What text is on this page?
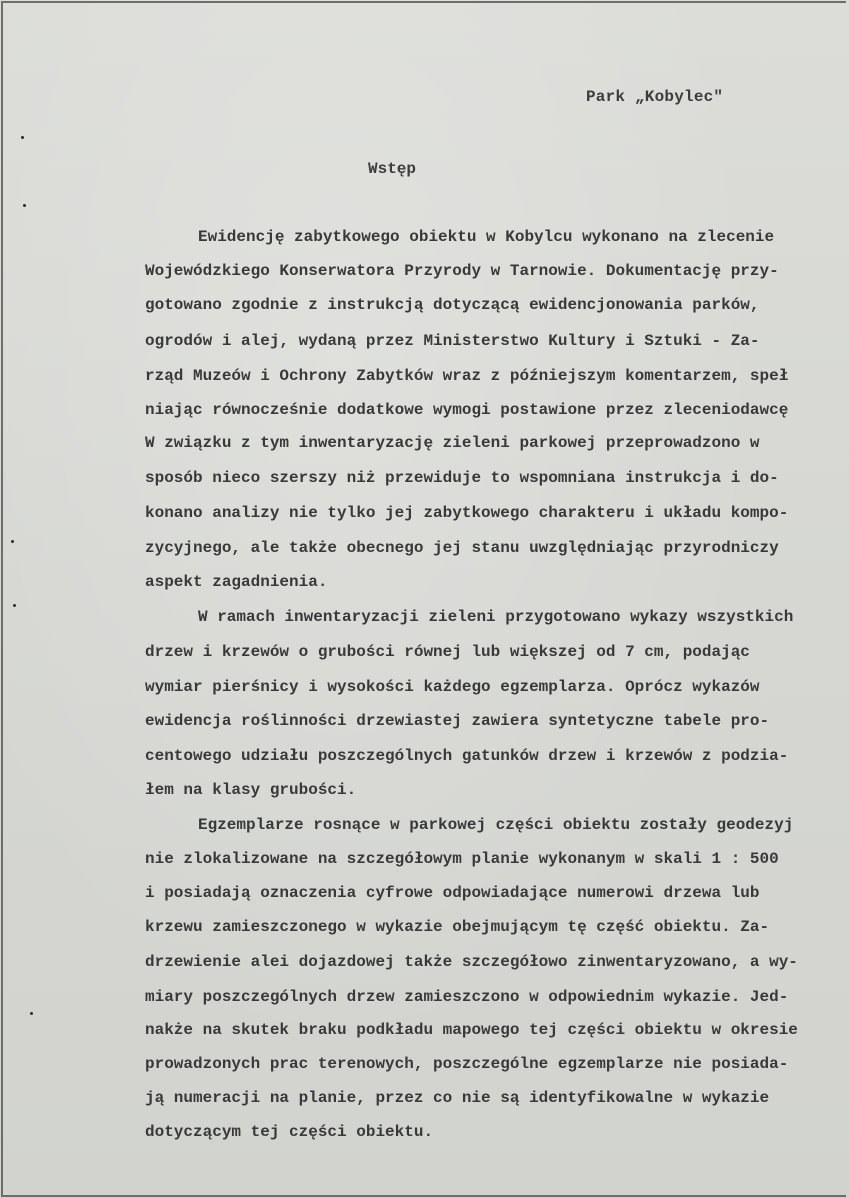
Park „Kobylec"
Wstęp
Ewidencję zabytkowego obiektu w Kobylcu wykonano na zlecenie
Wojewódzkiego Konserwatora Przyrody w Tarnowie. Dokumentację przy-
gotowano zgodnie z instrukcją dotyczącą ewidencjonowania parków,
ogrodów i alej, wydaną przez Ministerstwo Kultury i Sztuki - Za-
rząd Muzeów i Ochrony Zabytków wraz z późniejszym komentarzem, speł
niając równocześnie dodatkowe wymogi postawione przez zleceniodawcę
W związku z tym inwentaryzację zieleni parkowej przeprowadzono w
sposób nieco szerszy niż przewiduje to wspomniana instrukcja i do-
konano analizy nie tylko jej zabytkowego charakteru i układu kompo-
zycyjnego, ale także obecnego jej stanu uwzględniając przyrodniczy
aspekt zagadnienia.
W ramach inwentaryzacji zieleni przygotowano wykazy wszystkich
drzew i krzewów o grubości równej lub większej od 7 cm, podając
wymiar pierśnicy i wysokości każdego egzemplarza. Oprócz wykazów
ewidencja roślinności drzewiastej zawiera syntetyczne tabele pro-
centowego udziału poszczególnych gatunków drzew i krzewów z podzia-
łem na klasy grubości.
Egzemplarze rosnące w parkowej części obiektu zostały geodezyj
nie zlokalizowane na szczegółowym planie wykonanym w skali 1 : 500
i posiadają oznaczenia cyfrowe odpowiadające numerowi drzewa lub
krzewu zamieszczonego w wykazie obejmującym tę część obiektu. Za-
drzewienie alei dojazdowej także szczegółowo zinwentaryzowano, a wy-
miary poszczególnych drzew zamieszczono w odpowiednim wykazie. Jed-
nakże na skutek braku podkładu mapowego tej części obiektu w okresie
prowadzonych prac terenowych, poszczególne egzemplarze nie posiada-
ją numeracji na planie, przez co nie są identyfikowalne w wykazie
dotyczącym tej części obiektu.
